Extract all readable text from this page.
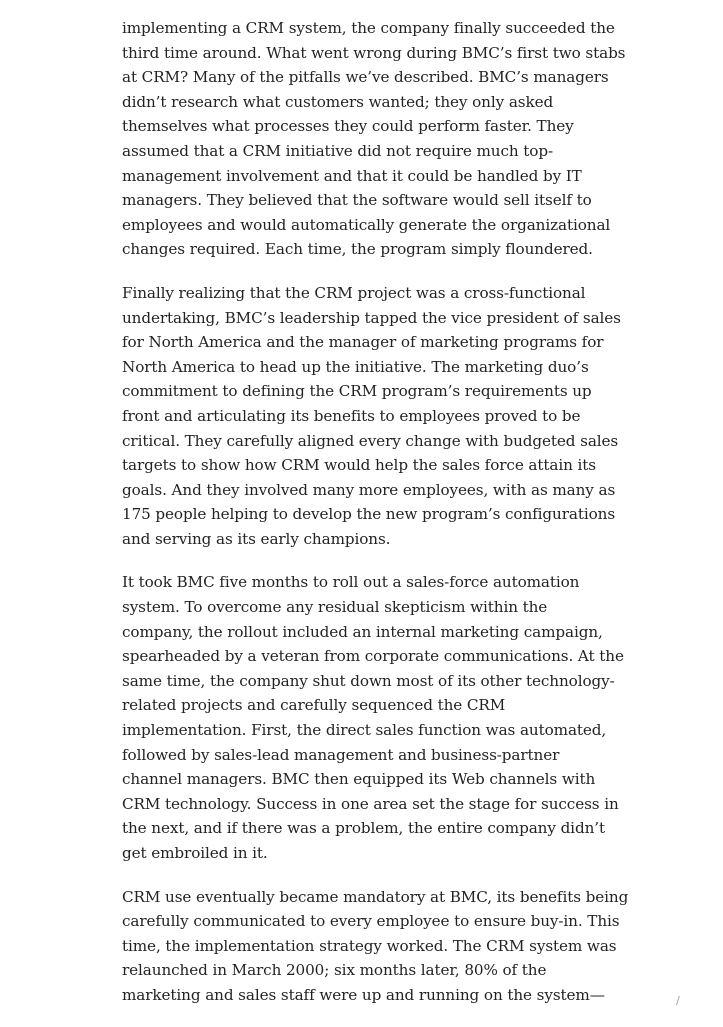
implementing a CRM system, the company finally succeeded the
third time around. What went wrong during BMC’s first two stabs
at CRM? Many of the pitfalls we’ve described. BMC’s managers
didn’t research what customers wanted; they only asked
themselves what processes they could perform faster. They
assumed that a CRM initiative did not require much top-
management involvement and that it could be handled by IT
managers. They believed that the software would sell itself to
employees and would automatically generate the organizational
changes required. Each time, the program simply floundered.

Finally realizing that the CRM project was a cross-functional
undertaking, BMC’s leadership tapped the vice president of sales
for North America and the manager of marketing programs for
North America to head up the initiative. The marketing duo’s
commitment to defining the CRM program’s requirements up
front and articulating its benefits to employees proved to be
critical. They carefully aligned every change with budgeted sales
targets to show how CRM would help the sales force attain its
goals. And they involved many more employees, with as many as
175 people helping to develop the new program’s configurations
and serving as its early champions.

It took BMC five months to roll out a sales-force automation
system. To overcome any residual skepticism within the
company, the rollout included an internal marketing campaign,
spearheaded by a veteran from corporate communications. At the
same time, the company shut down most of its other technology-
related projects and carefully sequenced the CRM
implementation. First, the direct sales function was automated,
followed by sales-lead management and business-partner
channel managers. BMC then equipped its Web channels with
CRM technology. Success in one area set the stage for success in
the next, and if there was a problem, the entire company didn’t
get embroiled in it.

CRM use eventually became mandatory at BMC, its benefits being
carefully communicated to every employee to ensure buy-in. This
time, the implementation strategy worked. The CRM system was
relaunched in March 2000; six months later, 80% of the
marketing and sales staff were up and running on the system—	/
